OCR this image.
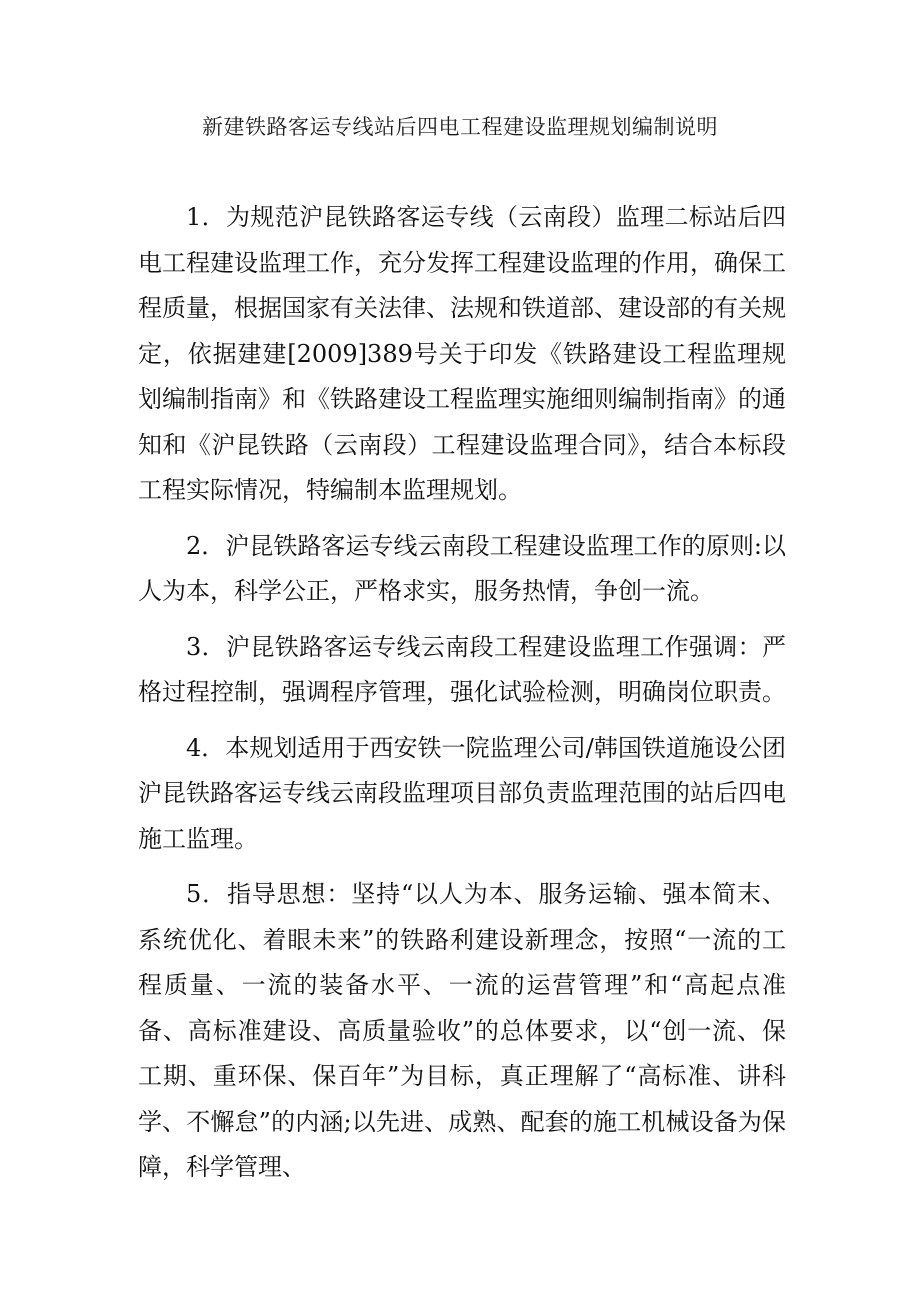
新建铁路客运专线站后四电工程建设监理规划编制说明

1．为规范沪昆铁路客运专线（云南段）监理二标站后四电工程建设监理工作，充分发挥工程建设监理的作用，确保工程质量，根据国家有关法律、法规和铁道部、建设部的有关规定，依据建建[2009]389号关于印发《铁路建设工程监理规划编制指南》和《铁路建设工程监理实施细则编制指南》的通知和《沪昆铁路（云南段）工程建设监理合同》，结合本标段工程实际情况，特编制本监理规划。

2．沪昆铁路客运专线云南段工程建设监理工作的原则:以人为本，科学公正，严格求实，服务热情，争创一流。

3．沪昆铁路客运专线云南段工程建设监理工作强调：严格过程控制，强调程序管理，强化试验检测，明确岗位职责。

4．本规划适用于西安铁一院监理公司/韩国铁道施设公团沪昆铁路客运专线云南段监理项目部负责监理范围的站后四电施工监理。

5．指导思想：坚持“以人为本、服务运输、强本简末、系统优化、着眼未来”的铁路利建设新理念，按照“一流的工程质量、一流的装备水平、一流的运营管理”和“高起点准备、高标准建设、高质量验收”的总体要求，以“创一流、保工期、重环保、保百年”为目标，真正理解了“高标准、讲科学、不懈怠”的内涵;以先进、成熟、配套的施工机械设备为保障，科学管理、
